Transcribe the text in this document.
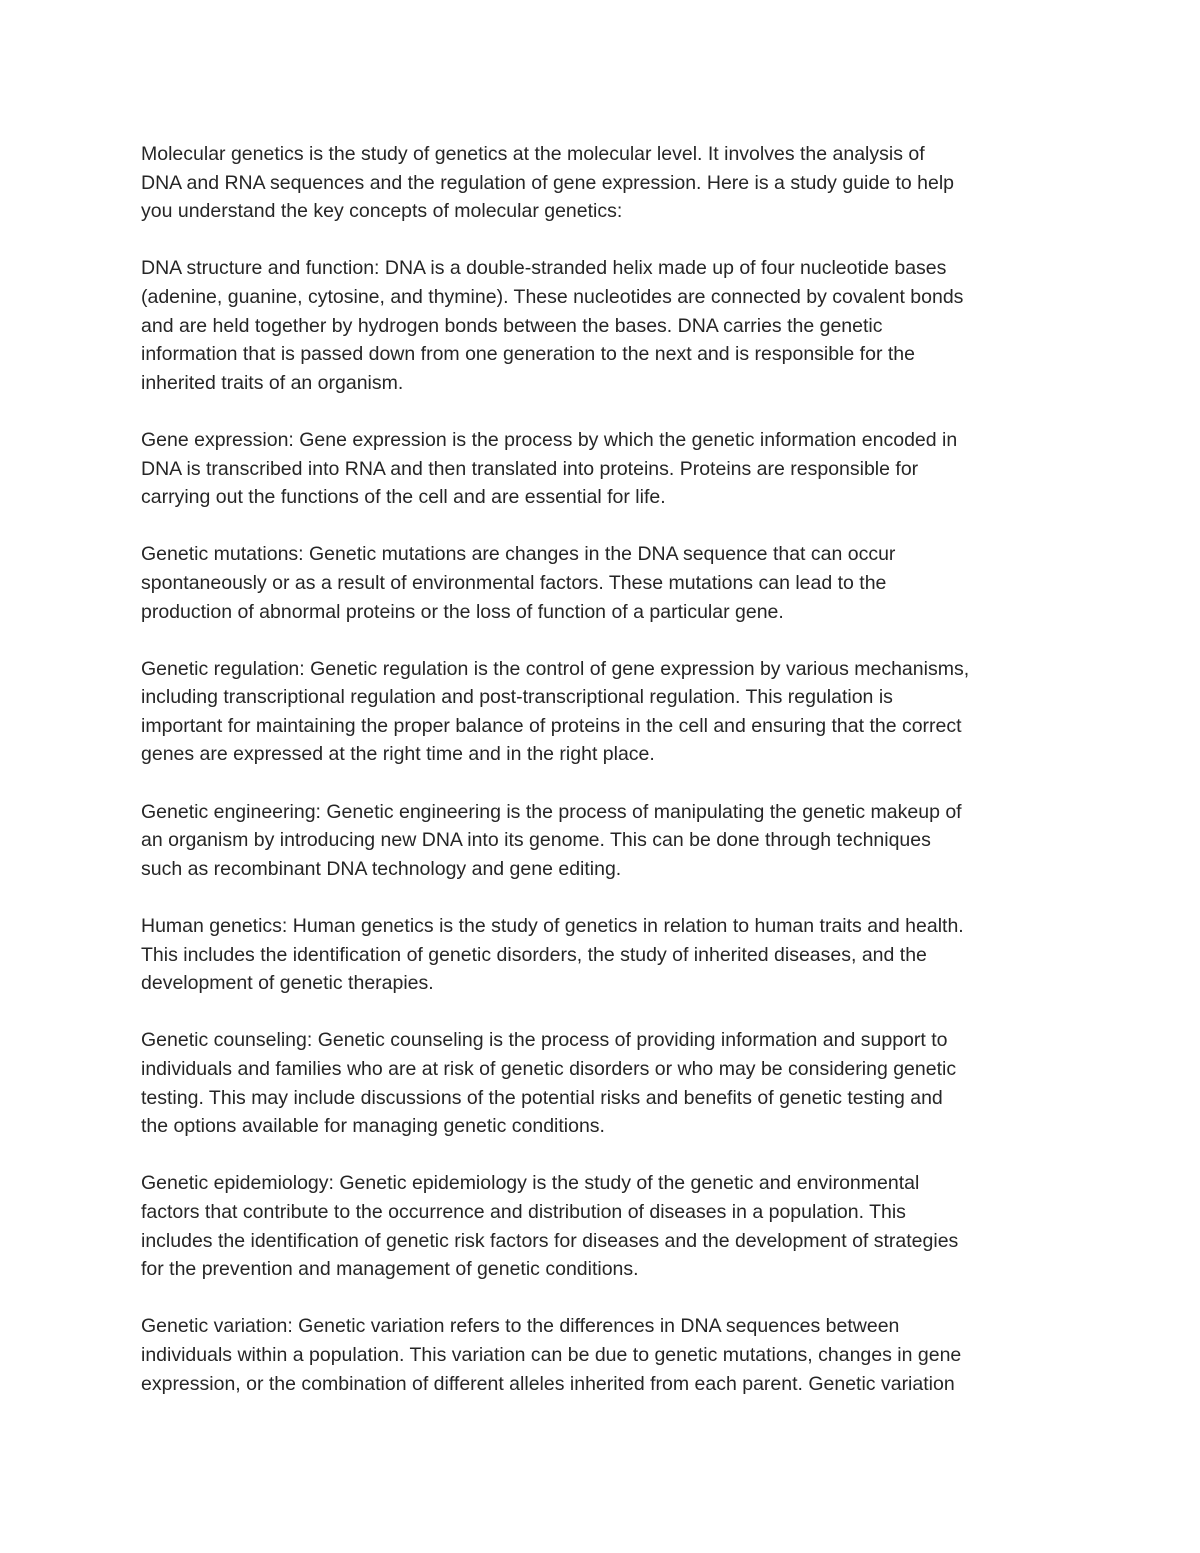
Molecular genetics is the study of genetics at the molecular level. It involves the analysis of
DNA and RNA sequences and the regulation of gene expression. Here is a study guide to help
you understand the key concepts of molecular genetics:
DNA structure and function: DNA is a double-stranded helix made up of four nucleotide bases
(adenine, guanine, cytosine, and thymine). These nucleotides are connected by covalent bonds
and are held together by hydrogen bonds between the bases. DNA carries the genetic
information that is passed down from one generation to the next and is responsible for the
inherited traits of an organism.
Gene expression: Gene expression is the process by which the genetic information encoded in
DNA is transcribed into RNA and then translated into proteins. Proteins are responsible for
carrying out the functions of the cell and are essential for life.
Genetic mutations: Genetic mutations are changes in the DNA sequence that can occur
spontaneously or as a result of environmental factors. These mutations can lead to the
production of abnormal proteins or the loss of function of a particular gene.
Genetic regulation: Genetic regulation is the control of gene expression by various mechanisms,
including transcriptional regulation and post-transcriptional regulation. This regulation is
important for maintaining the proper balance of proteins in the cell and ensuring that the correct
genes are expressed at the right time and in the right place.
Genetic engineering: Genetic engineering is the process of manipulating the genetic makeup of
an organism by introducing new DNA into its genome. This can be done through techniques
such as recombinant DNA technology and gene editing.
Human genetics: Human genetics is the study of genetics in relation to human traits and health.
This includes the identification of genetic disorders, the study of inherited diseases, and the
development of genetic therapies.
Genetic counseling: Genetic counseling is the process of providing information and support to
individuals and families who are at risk of genetic disorders or who may be considering genetic
testing. This may include discussions of the potential risks and benefits of genetic testing and
the options available for managing genetic conditions.
Genetic epidemiology: Genetic epidemiology is the study of the genetic and environmental
factors that contribute to the occurrence and distribution of diseases in a population. This
includes the identification of genetic risk factors for diseases and the development of strategies
for the prevention and management of genetic conditions.
Genetic variation: Genetic variation refers to the differences in DNA sequences between
individuals within a population. This variation can be due to genetic mutations, changes in gene
expression, or the combination of different alleles inherited from each parent. Genetic variation
